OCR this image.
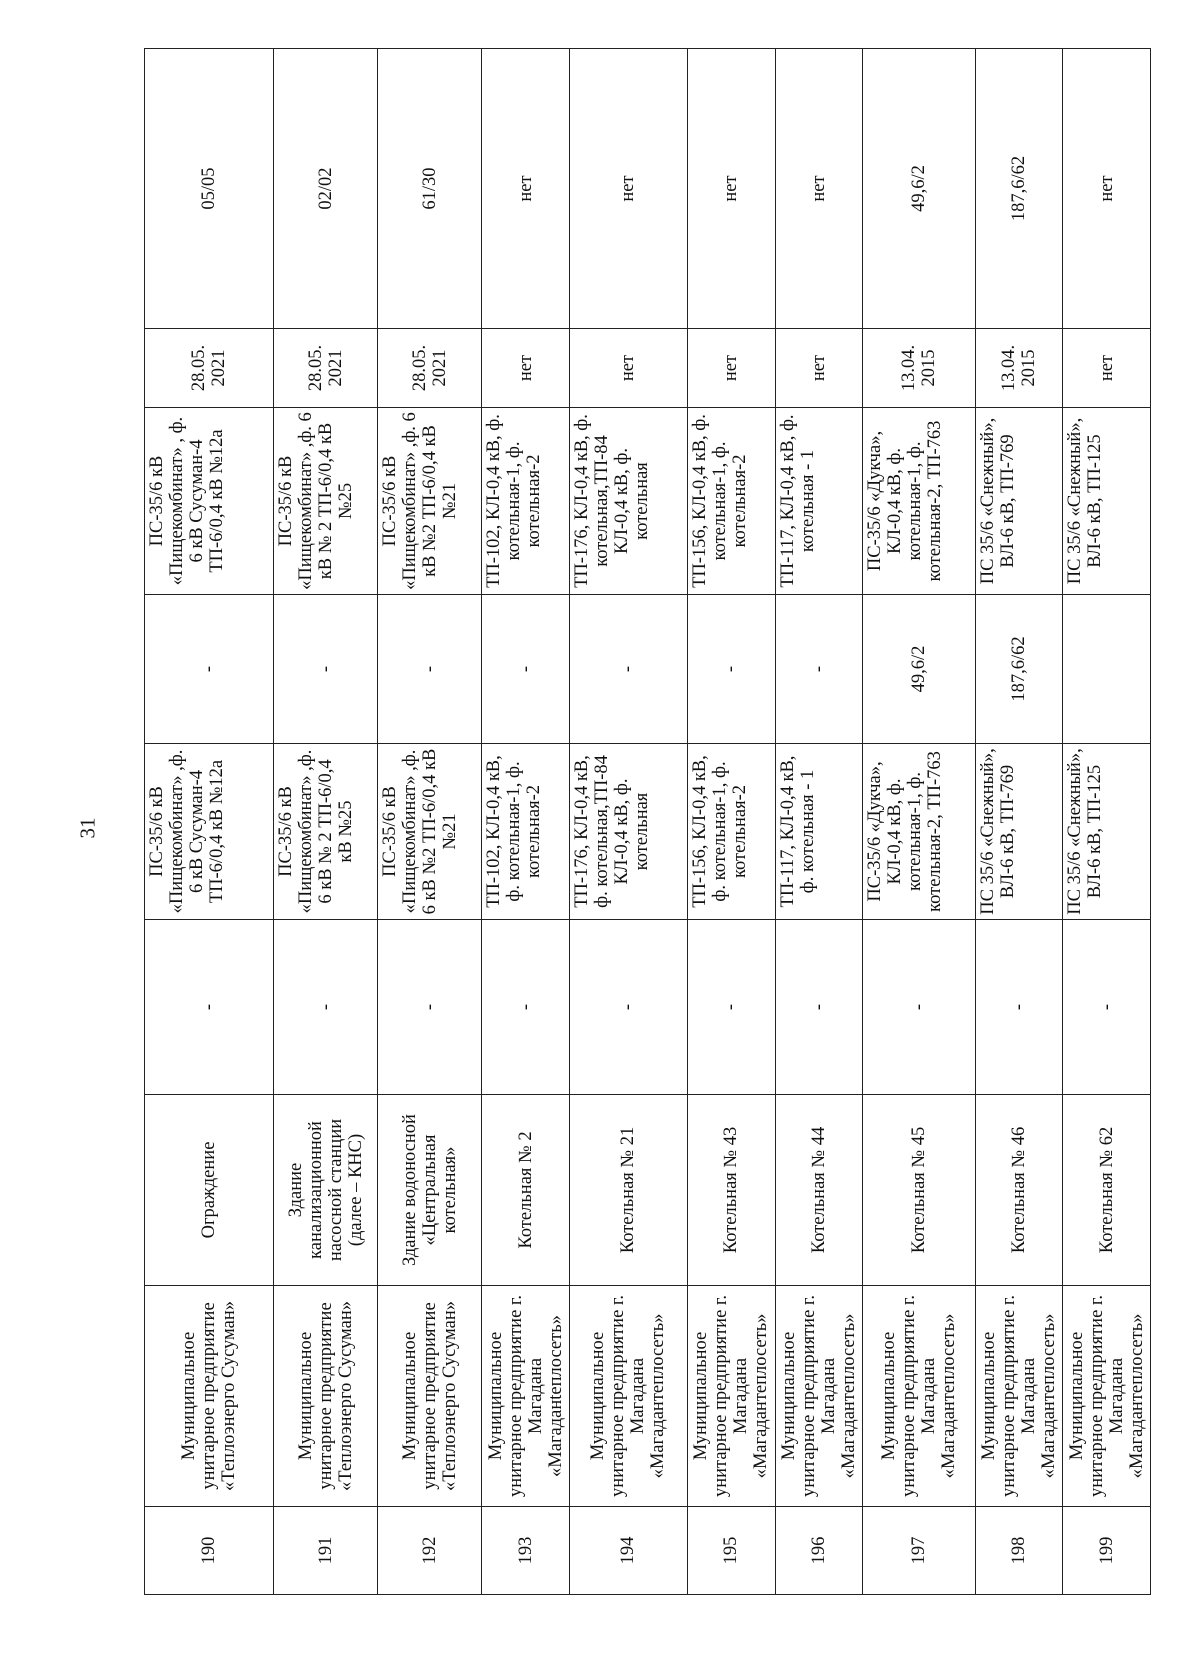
31
190	Муниципальное унитарное предприятие «Теплоэнерго Сусуман»	Ограждение	-	ПС-35/6 кВ «Пищекомбинат» ,ф. 6 кВ Сусуман-4 ТП-6/0,4 кВ №12а	-	ПС-35/6 кВ «Пищекомбинат» , ф. 6 кВ Сусуман-4 ТП-6/0,4 кВ №12а	28.05. 2021	05/05
191	Муниципальное унитарное предприятие «Теплоэнерго Сусуман»	Здание канализационной насосной станции (далее – КНС)	-	ПС-35/6 кВ «Пищекомбинат» ,ф. 6 кВ № 2 ТП-6/0,4 кВ №25	-	ПС-35/6 кВ «Пищекомбинат» ,ф. 6 кВ № 2 ТП-6/0,4 кВ №25	28.05. 2021	02/02
192	Муниципальное унитарное предприятие «Теплоэнерго Сусуман»	Здание водоносной «Центральная котельная»	-	ПС-35/6 кВ «Пищекомбинат» ,ф. 6 кВ №2 ТП-6/0,4 кВ №21	-	ПС-35/6 кВ «Пищекомбинат» ,ф. 6 кВ №2 ТП-6/0,4 кВ №21	28.05. 2021	61/30
193	Муниципальное унитарное предприятие г. Магадана «Магаданteплосеть»	Котельная № 2	-	ТП-102, КЛ-0,4 кВ, ф. котельная-1, ф. котельная-2	-	ТП-102, КЛ-0,4 кВ, ф. котельная-1, ф. котельная-2	нет	нет
194	Муниципальное унитарное предприятие г. Магадана «Магадантеплосеть»	Котельная № 21	-	ТП-176, КЛ-0,4 кВ, ф. котельная,ТП-84 КЛ-0,4 кВ, ф. котельная	-	ТП-176, КЛ-0,4 кВ, ф. котельная,ТП-84 КЛ-0,4 кВ, ф. котельная	нет	нет
195	Муниципальное унитарное предприятие г. Магадана «Магадантеплосеть»	Котельная № 43	-	ТП-156, КЛ-0,4 кВ, ф. котельная-1, ф. котельная-2	-	ТП-156, КЛ-0,4 кВ, ф. котельная-1, ф. котельная-2	нет	нет
196	Муниципальное унитарное предприятие г. Магадана «Магадантеплосеть»	Котельная № 44	-	ТП-117, КЛ-0,4 кВ, ф. котельная - 1	-	ТП-117, КЛ-0,4 кВ, ф. котельная - 1	нет	нет
197	Муниципальное унитарное предприятие г. Магадана «Магадантеплосеть»	Котельная № 45	-	ПС-35/6 «Дукча», КЛ-0,4 кВ, ф. котельная-1, ф. котельная-2, ТП-763	49,6/2	ПС-35/6 «Дукча», КЛ-0,4 кВ, ф. котельная-1, ф. котельная-2, ТП-763	13.04. 2015	49,6/2
198	Муниципальное унитарное предприятие г. Магадана «Магадантеплосеть»	Котельная № 46	-	ПС 35/6 «Снежный», ВЛ-6 кВ, ТП-769	187,6/62	ПС 35/6 «Снежный», ВЛ-6 кВ, ТП-769	13.04. 2015	187,6/62
199	Муниципальное унитарное предприятие г. Магадана «Магадантеплосеть»	Котельная № 62	-	ПС 35/6 «Снежный», ВЛ-6 кВ, ТП-125		ПС 35/6 «Снежный», ВЛ-6 кВ, ТП-125	нет	нет
